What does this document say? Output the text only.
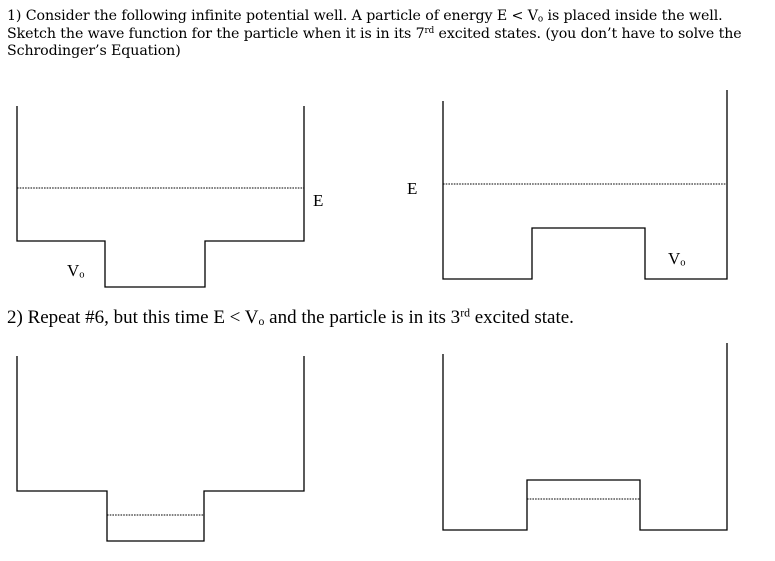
1) Consider the following infinite potential well. A particle of energy $E < V_o$ is placed inside the well. Sketch the wave function for the particle when it is in its 7rd excited states. (you don’t have to solve the Schrodinger’s Equation)
E
E
$V_o$
$V_o$
2) Repeat #6, but this time $E < V_o$ and the particle is in its 3rd excited state.
